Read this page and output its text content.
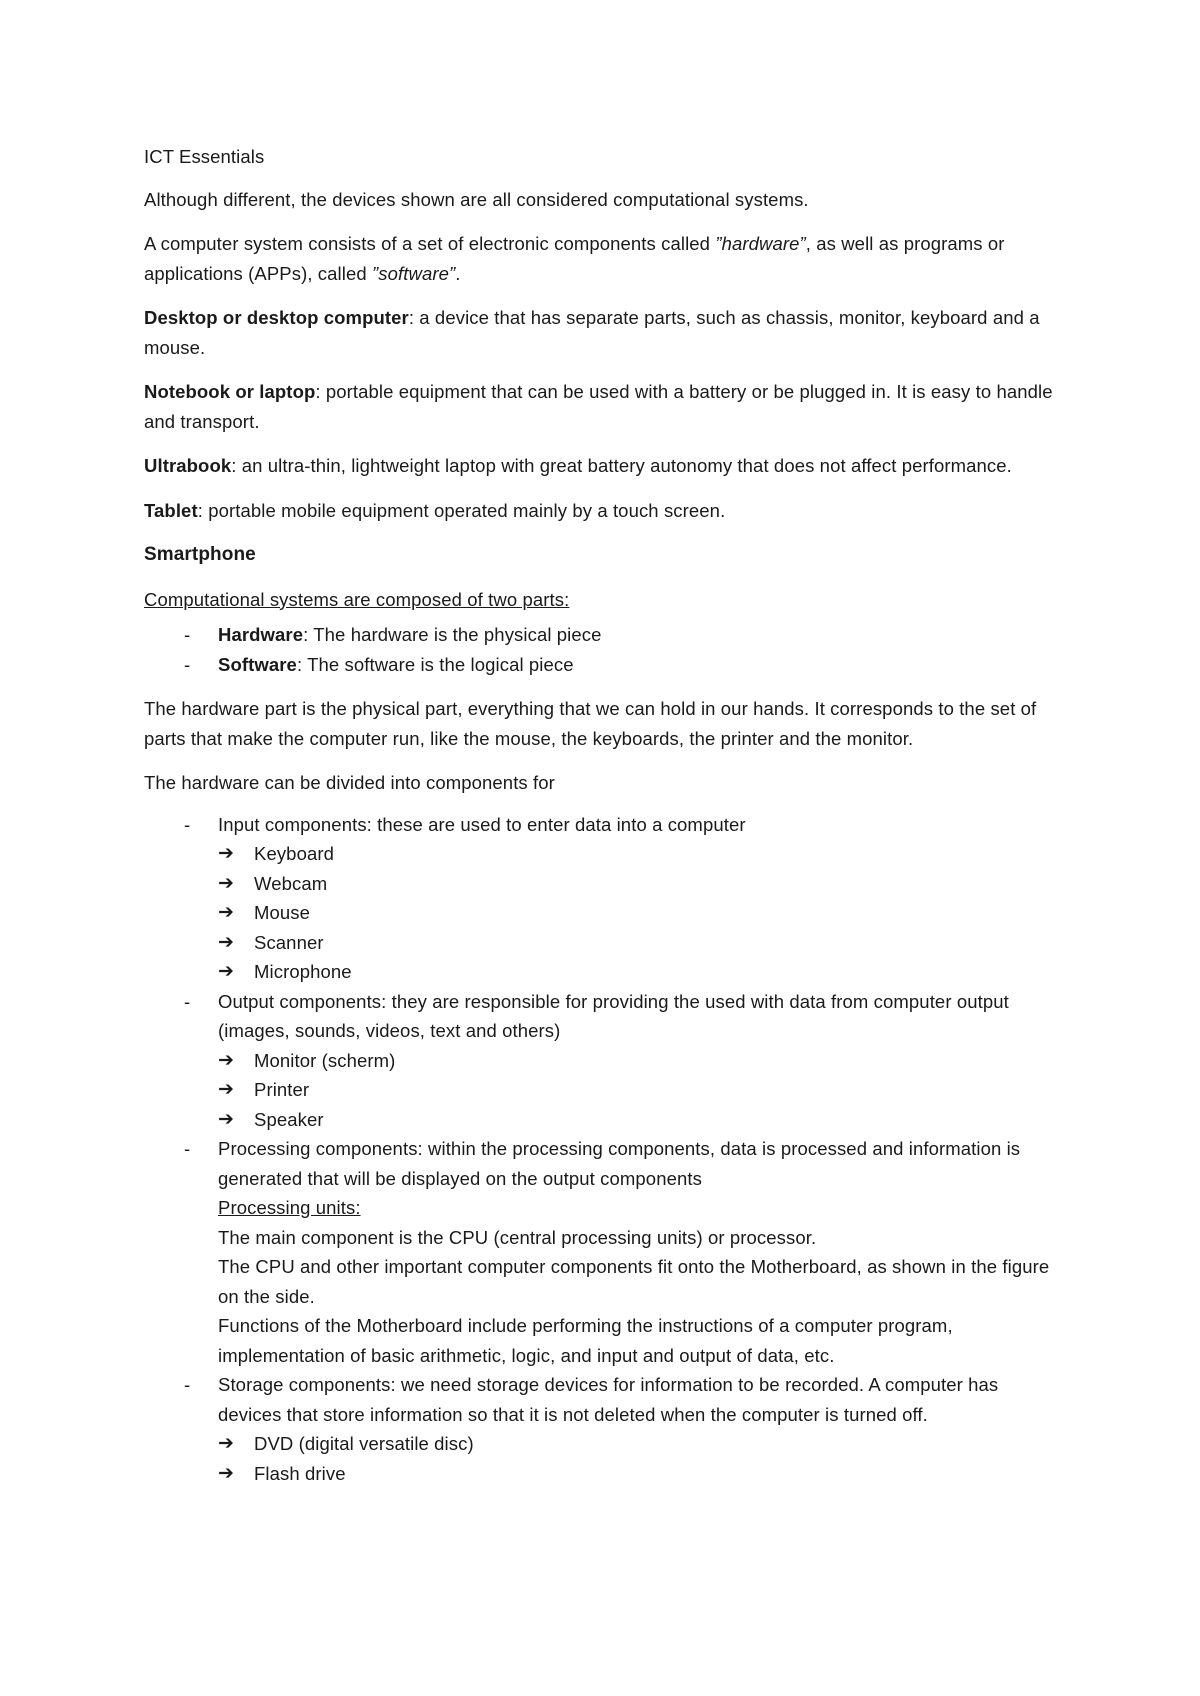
ICT Essentials

Although different, the devices shown are all considered computational systems.

A computer system consists of a set of electronic components called ”hardware”, as well as programs or applications (APPs), called ”software”.

Desktop or desktop computer: a device that has separate parts, such as chassis, monitor, keyboard and a mouse.

Notebook or laptop: portable equipment that can be used with a battery or be plugged in. It is easy to handle and transport.

Ultrabook: an ultra-thin, lightweight laptop with great battery autonomy that does not affect performance.

Tablet: portable mobile equipment operated mainly by a touch screen.

Smartphone

Computational systems are composed of two parts:

- Hardware: The hardware is the physical piece
- Software: The software is the logical piece

The hardware part is the physical part, everything that we can hold in our hands. It corresponds to the set of parts that make the computer run, like the mouse, the keyboards, the printer and the monitor.

The hardware can be divided into components for

- Input components: these are used to enter data into a computer
➔ Keyboard
➔ Webcam
➔ Mouse
➔ Scanner
➔ Microphone
- Output components: they are responsible for providing the used with data from computer output (images, sounds, videos, text and others)
➔ Monitor (scherm)
➔ Printer
➔ Speaker
- Processing components: within the processing components, data is processed and information is generated that will be displayed on the output components
Processing units:
The main component is the CPU (central processing units) or processor.
The CPU and other important computer components fit onto the Motherboard, as shown in the figure on the side.
Functions of the Motherboard include performing the instructions of a computer program, implementation of basic arithmetic, logic, and input and output of data, etc.
- Storage components: we need storage devices for information to be recorded. A computer has devices that store information so that it is not deleted when the computer is turned off.
➔ DVD (digital versatile disc)
➔ Flash drive
